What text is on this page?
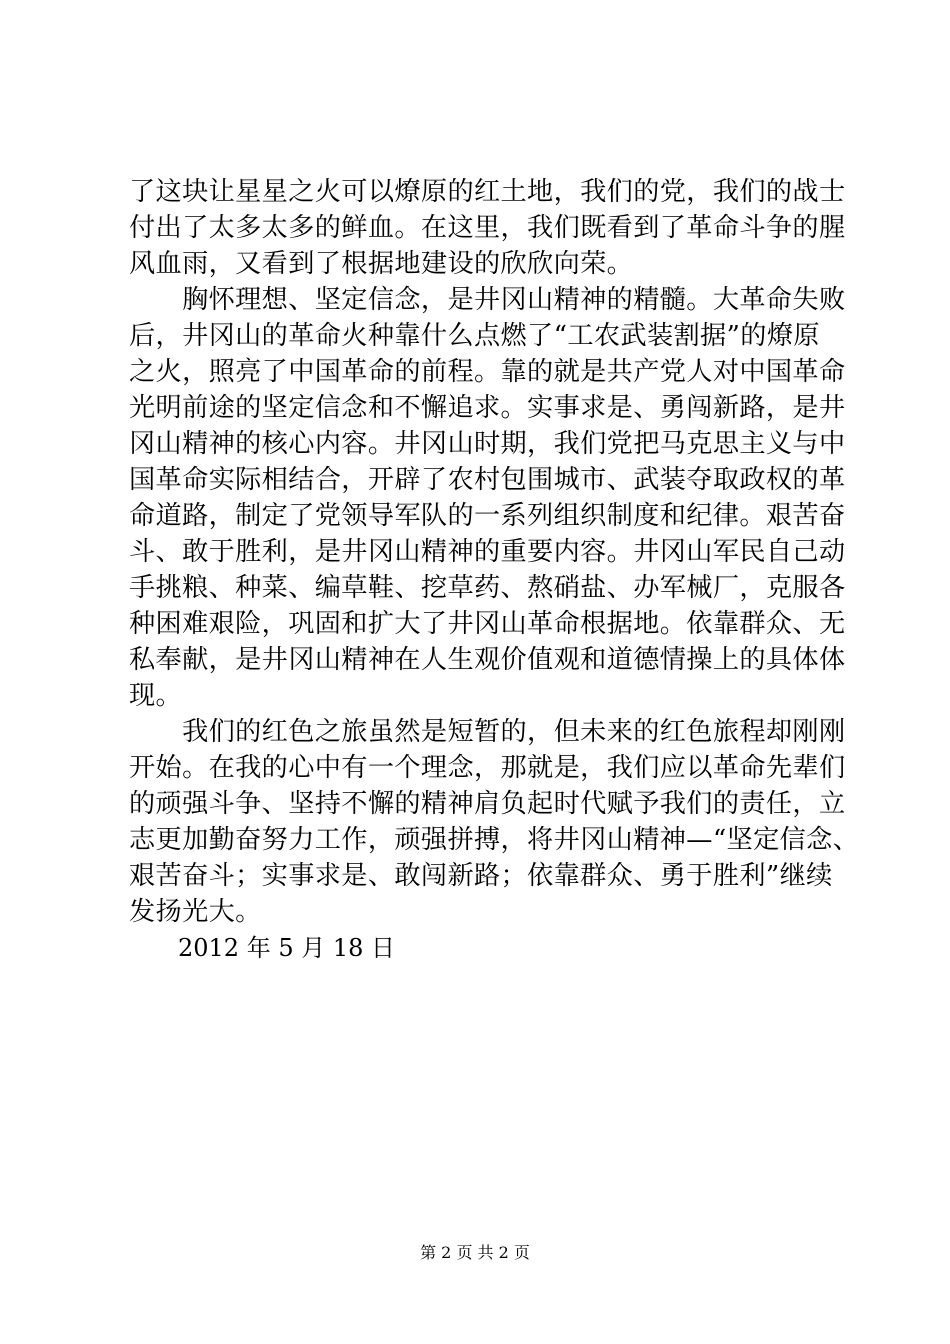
了这块让星星之火可以燎原的红土地，我们的党，我们的战士
付出了太多太多的鲜血。在这里，我们既看到了革命斗争的腥
风血雨，又看到了根据地建设的欣欣向荣。
　　胸怀理想、坚定信念，是井冈山精神的精髓。大革命失败
后，井冈山的革命火种靠什么点燃了“工农武装割据”的燎原
之火，照亮了中国革命的前程。靠的就是共产党人对中国革命
光明前途的坚定信念和不懈追求。实事求是、勇闯新路，是井
冈山精神的核心内容。井冈山时期，我们党把马克思主义与中
国革命实际相结合，开辟了农村包围城市、武装夺取政权的革
命道路，制定了党领导军队的一系列组织制度和纪律。艰苦奋
斗、敢于胜利，是井冈山精神的重要内容。井冈山军民自己动
手挑粮、种菜、编草鞋、挖草药、熬硝盐、办军械厂，克服各
种困难艰险，巩固和扩大了井冈山革命根据地。依靠群众、无
私奉献，是井冈山精神在人生观价值观和道德情操上的具体体
现。
　　我们的红色之旅虽然是短暂的，但未来的红色旅程却刚刚
开始。在我的心中有一个理念，那就是，我们应以革命先辈们
的顽强斗争、坚持不懈的精神肩负起时代赋予我们的责任，立
志更加勤奋努力工作，顽强拼搏，将井冈山精神—“坚定信念、
艰苦奋斗；实事求是、敢闯新路；依靠群众、勇于胜利”继续
发扬光大。
2012 年 5 月 18 日
第 2 页 共 2 页
